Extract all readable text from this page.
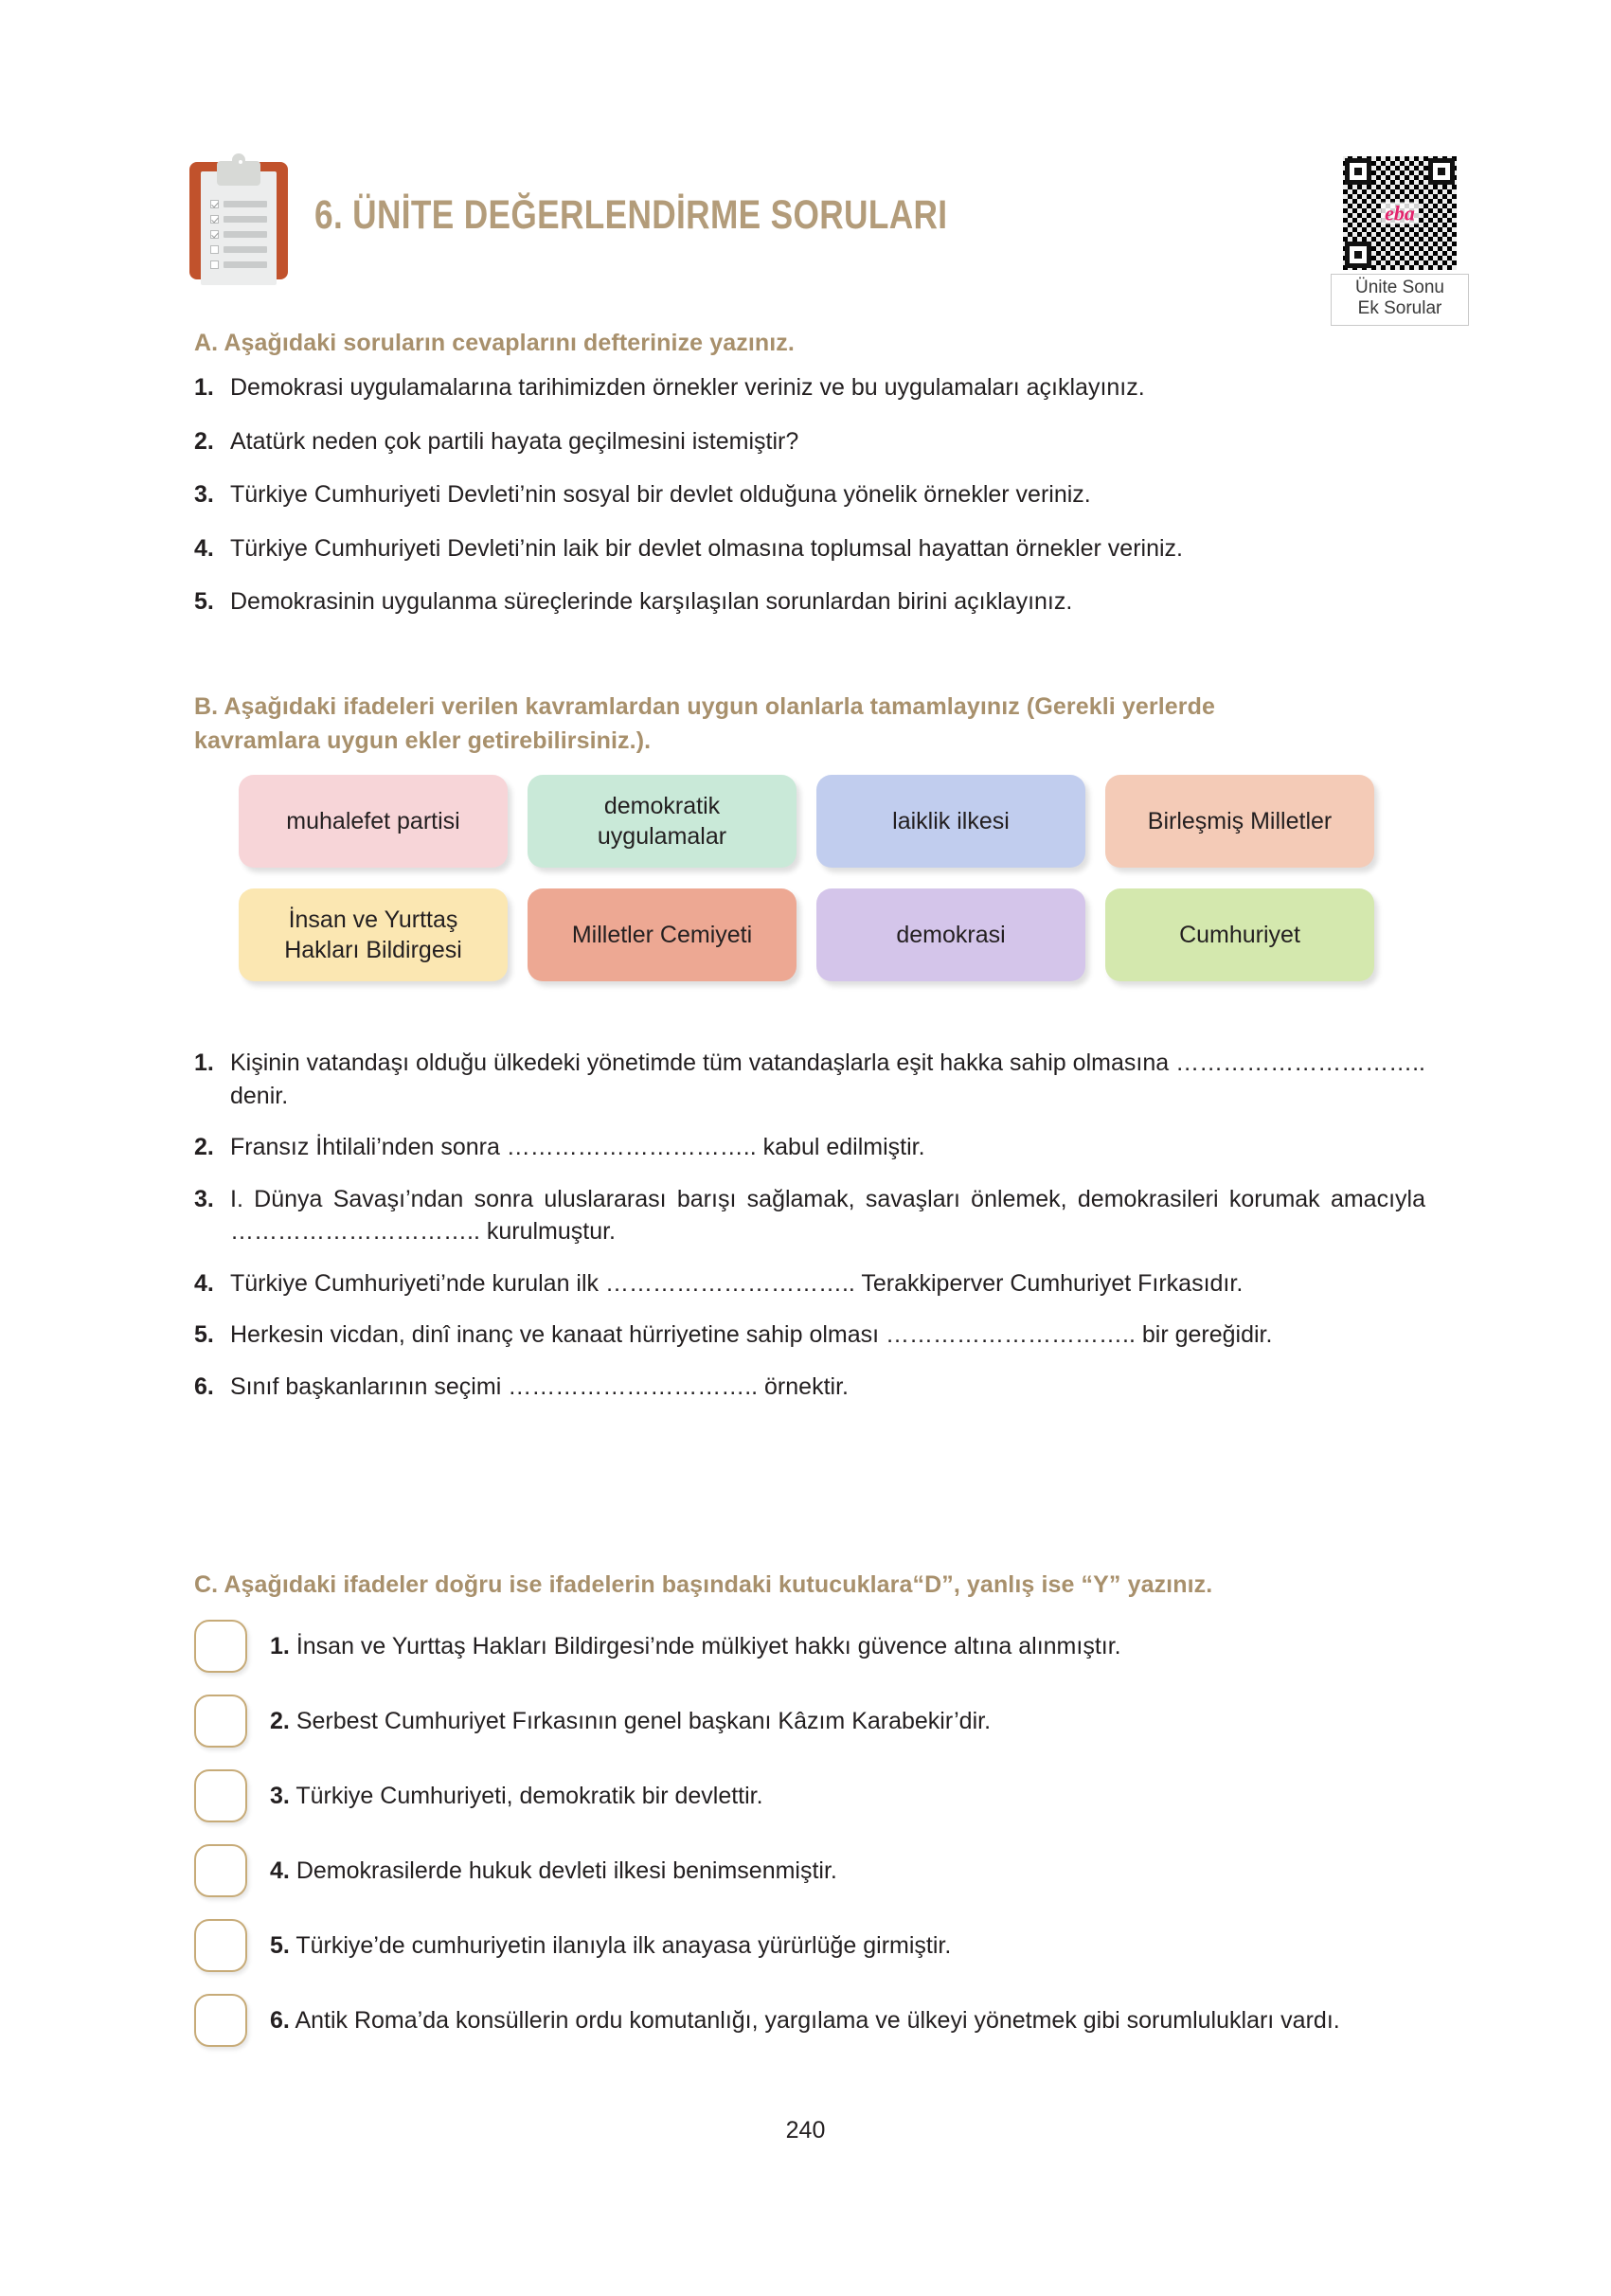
6. ÜNİTE DEĞERLENDİRME SORULARI	eba
Ünite Sonu
Ek Sorular
A. Aşağıdaki soruların cevaplarını defterinize yazınız.
1. Demokrasi uygulamalarına tarihimizden örnekler veriniz ve bu uygulamaları açıklayınız.
2. Atatürk neden çok partili hayata geçilmesini istemiştir?
3. Türkiye Cumhuriyeti Devleti’nin sosyal bir devlet olduğuna yönelik örnekler veriniz.
4. Türkiye Cumhuriyeti Devleti’nin laik bir devlet olmasına toplumsal hayattan örnekler veriniz.
5. Demokrasinin uygulanma süreçlerinde karşılaşılan sorunlardan birini açıklayınız.
B. Aşağıdaki ifadeleri verilen kavramlardan uygun olanlarla tamamlayınız (Gerekli yerlerde
kavramlara uygun ekler getirebilirsiniz.).
muhalefet partisi
demokratik uygulamalar
laiklik ilkesi	Birleşmiş Milletler
İnsan ve Yurttaş Hakları Bildirgesi
Milletler Cemiyeti	demokrasi	Cumhuriyet
1. Kişinin vatandaşı olduğu ülkedeki yönetimde tüm vatandaşlarla eşit hakka sahip olmasına ………………………….. denir.
2. Fransız İhtilali’nden sonra ………………………….. kabul edilmiştir.
3. I. Dünya Savaşı’ndan sonra uluslararası barışı sağlamak, savaşları önlemek, demokrasileri korumak amacıyla ………………………….. kurulmuştur.
4. Türkiye Cumhuriyeti’nde kurulan ilk ………………………….. Terakkiperver Cumhuriyet Fırkasıdır.
5. Herkesin vicdan, dinî inanç ve kanaat hürriyetine sahip olması ………………………….. bir gereğidir.
6. Sınıf başkanlarının seçimi ………………………….. örnektir.
C. Aşağıdaki ifadeler doğru ise ifadelerin başındaki kutucuklara“D”, yanlış ise “Y” yazınız.
1. İnsan ve Yurttaş Hakları Bildirgesi’nde mülkiyet hakkı güvence altına alınmıştır.
2. Serbest Cumhuriyet Fırkasının genel başkanı Kâzım Karabekir’dir.
3. Türkiye Cumhuriyeti, demokratik bir devlettir.
4. Demokrasilerde hukuk devleti ilkesi benimsenmiştir.
5. Türkiye’de cumhuriyetin ilanıyla ilk anayasa yürürlüğe girmiştir.
6. Antik Roma’da konsüllerin ordu komutanlığı, yargılama ve ülkeyi yönetmek gibi sorumlulukları vardı.
240
